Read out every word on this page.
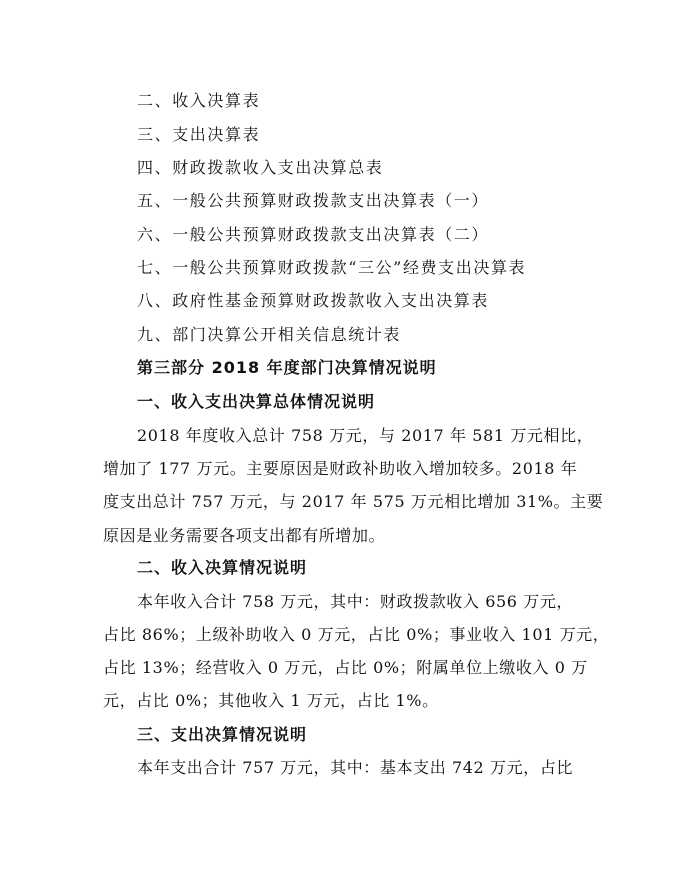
二、收入决算表
三、支出决算表
四、财政拨款收入支出决算总表
五、一般公共预算财政拨款支出决算表（一）
六、一般公共预算财政拨款支出决算表（二）
七、一般公共预算财政拨款“三公”经费支出决算表
八、政府性基金预算财政拨款收入支出决算表
九、部门决算公开相关信息统计表
第三部分 2018 年度部门决算情况说明
一、收入支出决算总体情况说明
2018 年度收入总计 758 万元，与 2017 年 581 万元相比，
增加了 177 万元。主要原因是财政补助收入增加较多。2018 年
度支出总计 757 万元，与 2017 年 575 万元相比增加 31%。主要
原因是业务需要各项支出都有所增加。
二、收入决算情况说明
本年收入合计 758 万元，其中：财政拨款收入 656 万元，
占比 86%；上级补助收入 0 万元，占比 0%；事业收入 101 万元，
占比 13%；经营收入 0 万元，占比 0%；附属单位上缴收入 0 万
元，占比 0%；其他收入 1 万元，占比 1%。
三、支出决算情况说明
本年支出合计 757 万元，其中：基本支出 742 万元，占比
